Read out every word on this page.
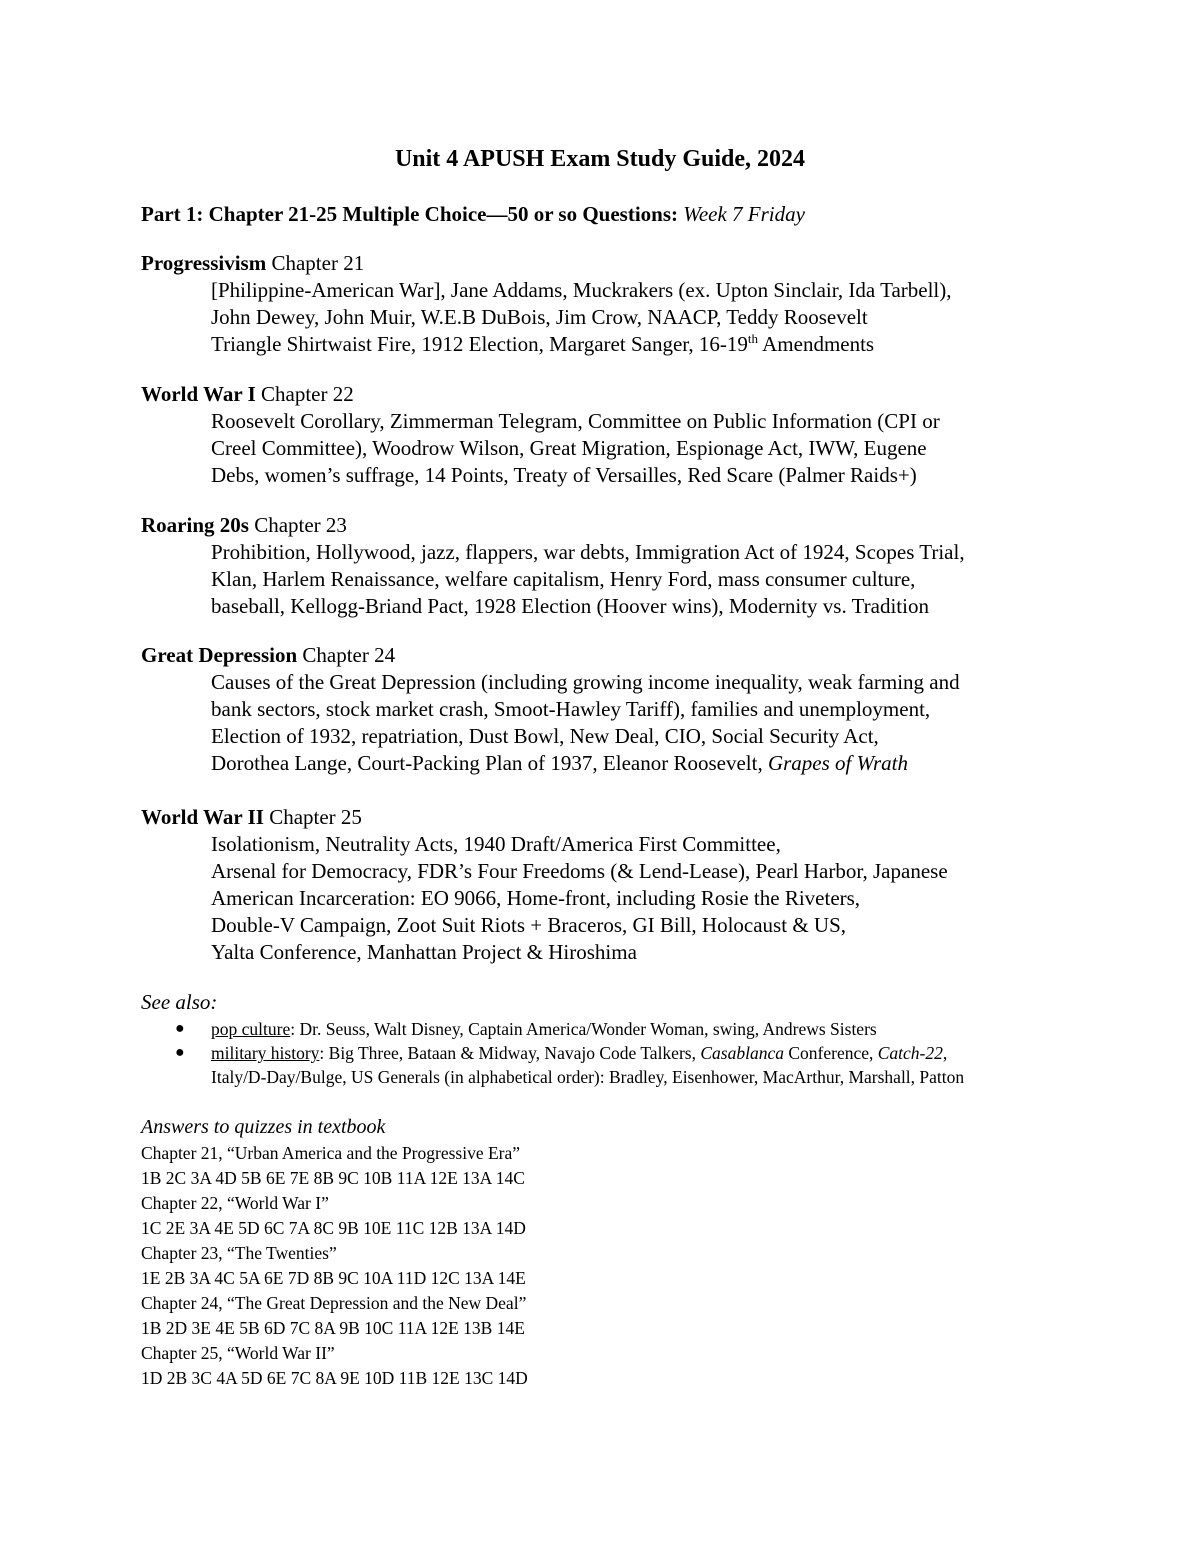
Unit 4 APUSH Exam Study Guide, 2024
Part 1: Chapter 21-25 Multiple Choice—50 or so Questions: Week 7 Friday
Progressivism Chapter 21
[Philippine-American War], Jane Addams, Muckrakers (ex. Upton Sinclair, Ida Tarbell),
John Dewey, John Muir, W.E.B DuBois, Jim Crow, NAACP, Teddy Roosevelt
Triangle Shirtwaist Fire, 1912 Election, Margaret Sanger, 16-19th Amendments
World War I Chapter 22
Roosevelt Corollary, Zimmerman Telegram, Committee on Public Information (CPI or
Creel Committee), Woodrow Wilson, Great Migration, Espionage Act, IWW, Eugene
Debs, women’s suffrage, 14 Points, Treaty of Versailles, Red Scare (Palmer Raids+)
Roaring 20s Chapter 23
Prohibition, Hollywood, jazz, flappers, war debts, Immigration Act of 1924, Scopes Trial,
Klan, Harlem Renaissance, welfare capitalism, Henry Ford, mass consumer culture,
baseball, Kellogg-Briand Pact, 1928 Election (Hoover wins), Modernity vs. Tradition
Great Depression Chapter 24
Causes of the Great Depression (including growing income inequality, weak farming and
bank sectors, stock market crash, Smoot-Hawley Tariff), families and unemployment,
Election of 1932, repatriation, Dust Bowl, New Deal, CIO, Social Security Act,
Dorothea Lange, Court-Packing Plan of 1937, Eleanor Roosevelt, Grapes of Wrath
World War II Chapter 25
Isolationism, Neutrality Acts, 1940 Draft/America First Committee,
Arsenal for Democracy, FDR’s Four Freedoms (& Lend-Lease), Pearl Harbor, Japanese
American Incarceration: EO 9066, Home-front, including Rosie the Riveters,
Double-V Campaign, Zoot Suit Riots + Braceros, GI Bill, Holocaust & US,
Yalta Conference, Manhattan Project & Hiroshima
See also:
● pop culture: Dr. Seuss, Walt Disney, Captain America/Wonder Woman, swing, Andrews Sisters
● military history: Big Three, Bataan & Midway, Navajo Code Talkers, Casablanca Conference, Catch-22,
Italy/D-Day/Bulge, US Generals (in alphabetical order): Bradley, Eisenhower, MacArthur, Marshall, Patton
Answers to quizzes in textbook
Chapter 21, “Urban America and the Progressive Era”
1B 2C 3A 4D 5B 6E 7E 8B 9C 10B 11A 12E 13A 14C
Chapter 22, “World War I”
1C 2E 3A 4E 5D 6C 7A 8C 9B 10E 11C 12B 13A 14D
Chapter 23, “The Twenties”
1E 2B 3A 4C 5A 6E 7D 8B 9C 10A 11D 12C 13A 14E
Chapter 24, “The Great Depression and the New Deal”
1B 2D 3E 4E 5B 6D 7C 8A 9B 10C 11A 12E 13B 14E
Chapter 25, “World War II”
1D 2B 3C 4A 5D 6E 7C 8A 9E 10D 11B 12E 13C 14D
